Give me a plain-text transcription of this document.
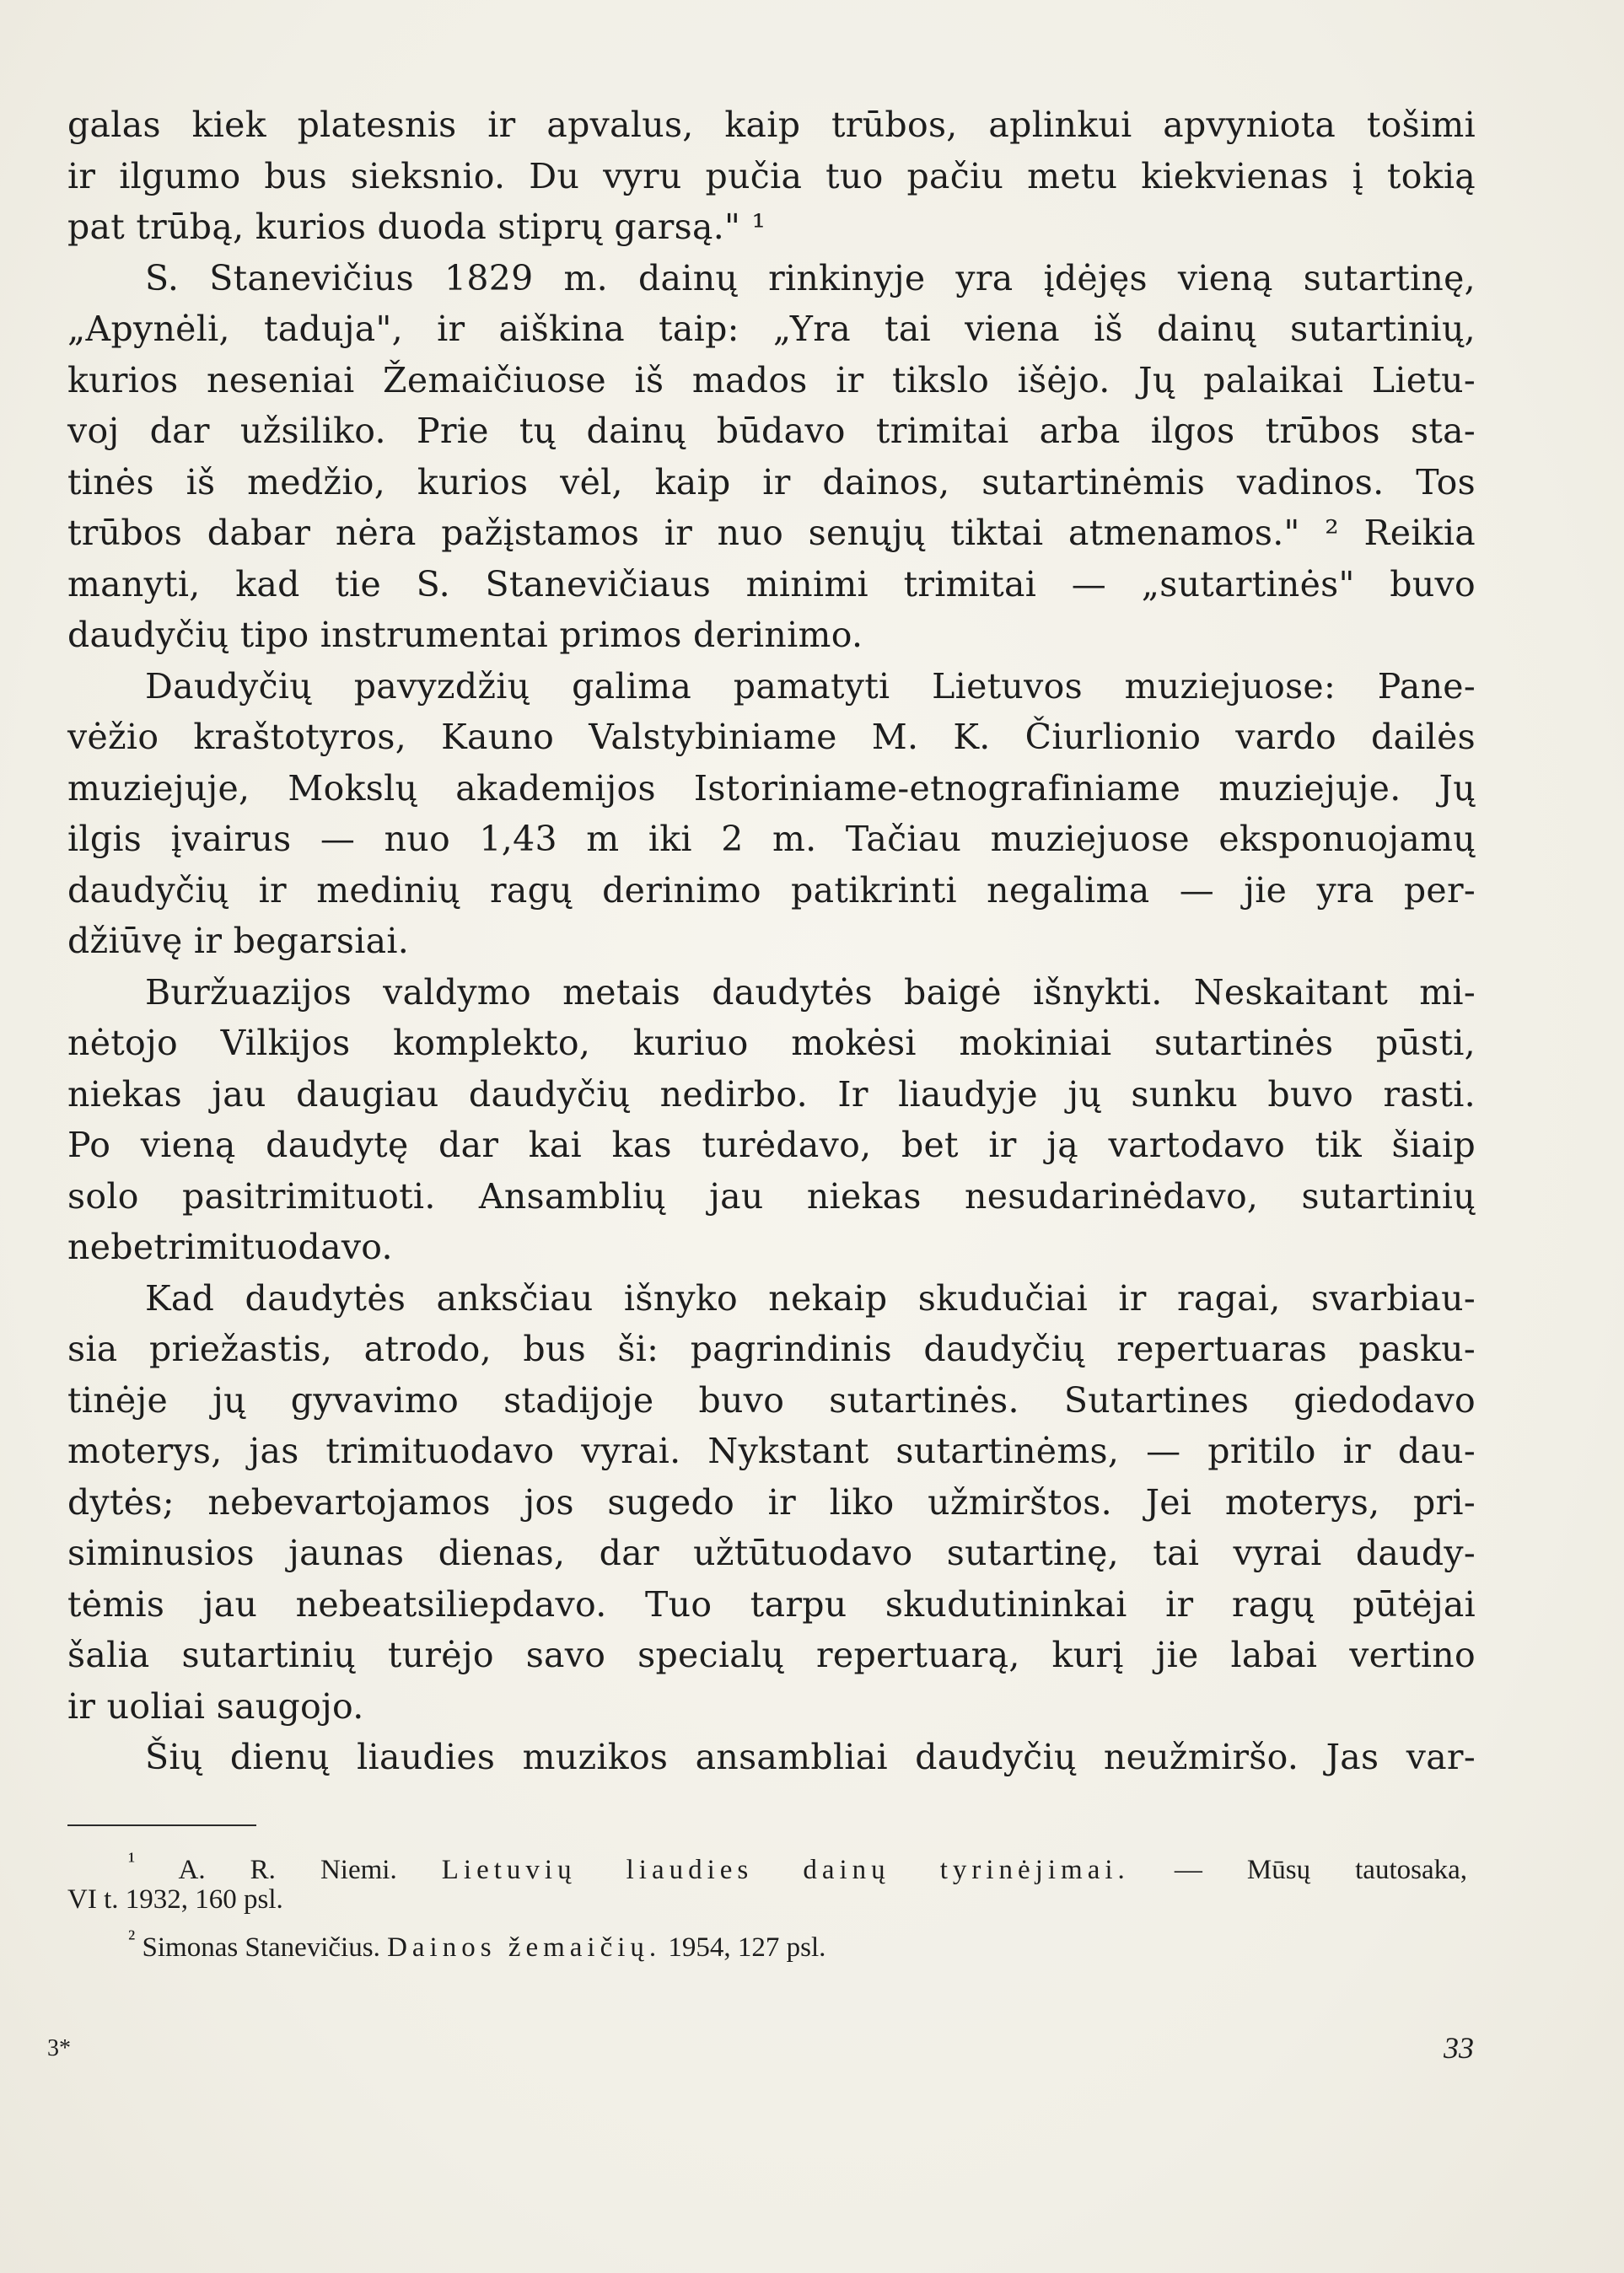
galas kiek platesnis ir apvalus, kaip trūbos, aplinkui apvyniota tošimi
ir ilgumo bus sieksnio. Du vyru pučia tuo pačiu metu kiekvienas į tokią
pat trūbą, kurios duoda stiprų garsą." ¹
S. Stanevičius 1829 m. dainų rinkinyje yra įdėjęs vieną sutartinę,
„Apynėli, taduja", ir aiškina taip: „Yra tai viena iš dainų sutartinių,
kurios neseniai Žemaičiuose iš mados ir tikslo išėjo. Jų palaikai Lietu-
voj dar užsiliko. Prie tų dainų būdavo trimitai arba ilgos trūbos sta-
tinės iš medžio, kurios vėl, kaip ir dainos, sutartinėmis vadinos. Tos
trūbos dabar nėra pažįstamos ir nuo senųjų tiktai atmenamos." ² Reikia
manyti, kad tie S. Stanevičiaus minimi trimitai — „sutartinės" buvo
daudyčių tipo instrumentai primos derinimo.
Daudyčių pavyzdžių galima pamatyti Lietuvos muziejuose: Pane-
vėžio kraštotyros, Kauno Valstybiniame M. K. Čiurlionio vardo dailės
muziejuje, Mokslų akademijos Istoriniame-etnografiniame muziejuje. Jų
ilgis įvairus — nuo 1,43 m iki 2 m. Tačiau muziejuose eksponuojamų
daudyčių ir medinių ragų derinimo patikrinti negalima — jie yra per-
džiūvę ir begarsiai.
Buržuazijos valdymo metais daudytės baigė išnykti. Neskaitant mi-
nėtojo Vilkijos komplekto, kuriuo mokėsi mokiniai sutartinės pūsti,
niekas jau daugiau daudyčių nedirbo. Ir liaudyje jų sunku buvo rasti.
Po vieną daudytę dar kai kas turėdavo, bet ir ją vartodavo tik šiaip
solo pasitrimituoti. Ansamblių jau niekas nesudarinėdavo, sutartinių
nebetrimituodavo.
Kad daudytės anksčiau išnyko nekaip skudučiai ir ragai, svarbiau-
sia priežastis, atrodo, bus ši: pagrindinis daudyčių repertuaras pasku-
tinėje jų gyvavimo stadijoje buvo sutartinės. Sutartines giedodavo
moterys, jas trimituodavo vyrai. Nykstant sutartinėms, — pritilo ir dau-
dytės; nebevartojamos jos sugedo ir liko užmirštos. Jei moterys, pri-
siminusios jaunas dienas, dar užtūtuodavo sutartinę, tai vyrai daudy-
tėmis jau nebeatsiliepdavo. Tuo tarpu skudutininkai ir ragų pūtėjai
šalia sutartinių turėjo savo specialų repertuarą, kurį jie labai vertino
ir uoliai saugojo.
Šių dienų liaudies muzikos ansambliai daudyčių neužmiršo. Jas var-
$^{^1}$ A. R. Niemi. Lietuvių liaudies dainų tyrinėjimai. — Mūsų tautosaka,
VI t. 1932, 160 psl.
$^{^2}$ Simonas Stanevičius. Dainos žemaičių. 1954, 127 psl.
3*	33
